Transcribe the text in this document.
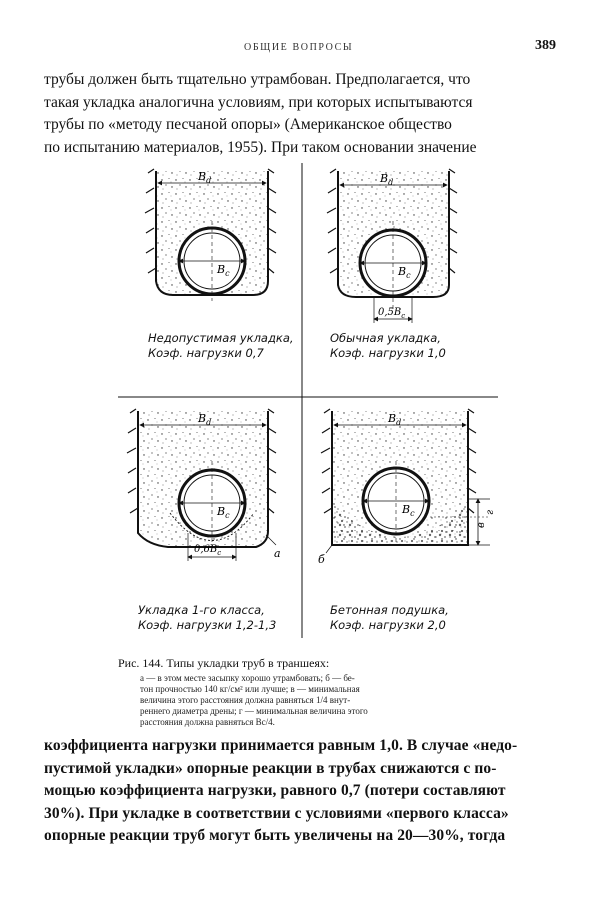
ОБЩИЕ ВОПРОСЫ	389
трубы должен быть тщательно утрамбован. Предполагается, что
такая укладка аналогична условиям, при которых испытываются
трубы по «методу песчаной опоры» (Американское общество
по испытанию материалов, 1955). При таком основании значение
$B_d$
$B_c$
$B_d$
$B_c$
$0,5B_c$
$B_d$
$B_c$
$0,6B_c$	а
$B_d$
$B_c$
в
г
б
Недопустимая укладка,
Коэф. нагрузки 0,7
Обычная укладка,
Коэф. нагрузки 1,0
Укладка 1-го класса,
Коэф. нагрузки 1,2-1,3
Бетонная подушка,
Коэф. нагрузки 2,0
Рис. 144. Типы укладки труб в траншеях:
а — в этом месте засыпку хорошо утрамбовать; б — бе-
тон прочностью 140 кг/см² или лучше; в — минимальная
величина этого расстояния должна равняться 1/4 внут-
реннего диаметра дрены; г — минимальная величина этого
расстояния должна равняться Bc/4.
коэффициента нагрузки принимается равным 1,0. В случае «недо-
пустимой укладки» опорные реакции в трубах снижаются с по-
мощью коэффициента нагрузки, равного 0,7 (потери составляют
30%). При укладке в соответствии с условиями «первого класса»
опорные реакции труб могут быть увеличены на 20—30%, тогда
